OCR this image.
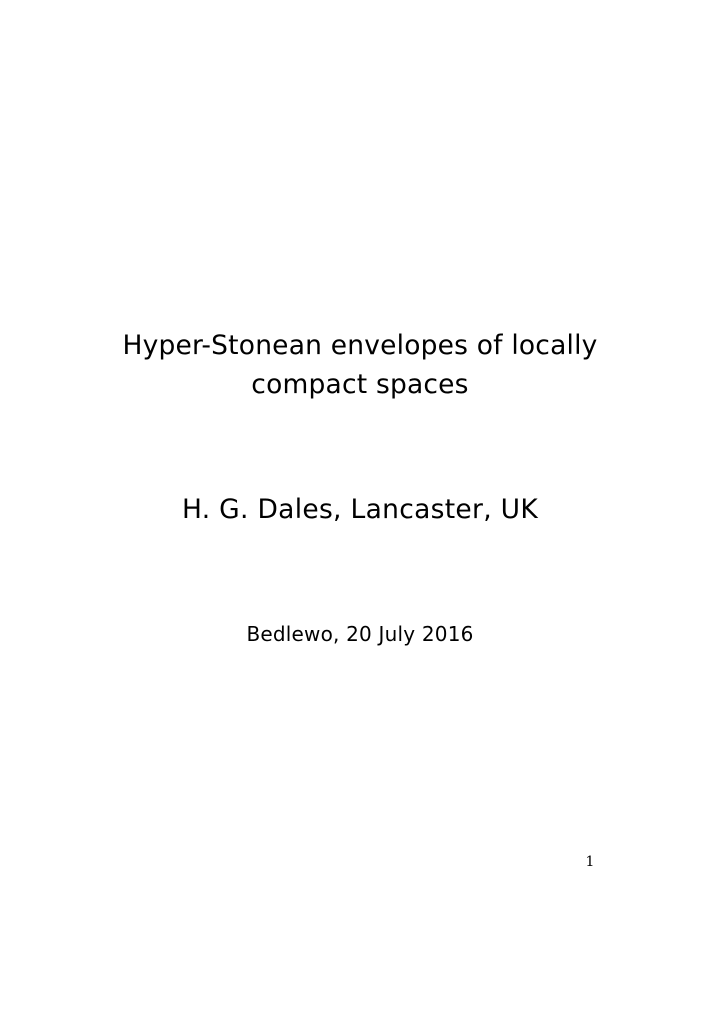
Hyper-Stonean envelopes of locally
compact spaces
H. G. Dales, Lancaster, UK
Bedlewo, 20 July 2016
1
